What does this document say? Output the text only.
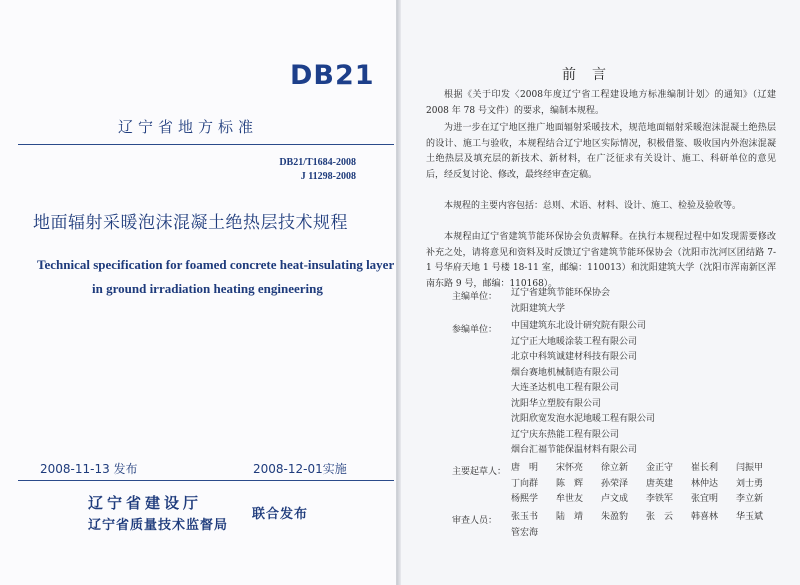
DB21
辽宁省地方标准
DB21/T1684-2008
J 11298-2008
地面辐射采暖泡沫混凝土绝热层技术规程
Technical specification for foamed concrete heat-insulating layer
in ground irradiation heating engineering
2008-11-13 发布	2008-12-01实施
辽宁省建设厅
辽宁省质量技术监督局
联合发布
前言
根据《关于印发〈2008年度辽宁省工程建设地方标准编制计划〉的通知》（辽建 2008 年 78 号文件）的要求，编制本规程。
为进一步在辽宁地区推广地面辐射采暖技术，规范地面辐射采暖泡沫混凝土绝热层的设计、施工与验收，本规程结合辽宁地区实际情况，积极借鉴、吸收国内外泡沫混凝土绝热层及填充层的新技术、新材料，在广泛征求有关设计、施工、科研单位的意见后，经反复讨论、修改，最终经审查定稿。
本规程的主要内容包括：总则、术语、材料、设计、施工、检验及验收等。
本规程由辽宁省建筑节能环保协会负责解释。在执行本规程过程中如发现需要修改补充之处，请将意见和资料及时反馈辽宁省建筑节能环保协会（沈阳市沈河区团结路 7-1 号华府天地 1 号楼 18-11 室，邮编：110013）和沈阳建筑大学（沈阳市浑南新区浑南东路 9 号，邮编：110168）。
主编单位： 辽宁省建筑节能环保协会
沈阳建筑大学
参编单位： 中国建筑东北设计研究院有限公司
辽宁正大地暖涂装工程有限公司
北京中科筑诚建材科技有限公司
烟台赛地机械制造有限公司
大连圣达机电工程有限公司
沈阳华立塑胶有限公司
沈阳欣宽发泡水泥地暖工程有限公司
辽宁庆东热能工程有限公司
烟台汇福节能保温材料有限公司
主要起草人： 唐　明 宋怀亮 徐立新 金正守 崔长利 闫振甲
丁向群 陈　辉 孙荣泽 唐英建 林仲达 刘士勇
杨熙学 牟世友 卢文成 李铁军 张宜明 李立新
审查人员： 张玉书 陆　靖 朱盈豹 张　云 韩喜林 华玉斌
管宏海
